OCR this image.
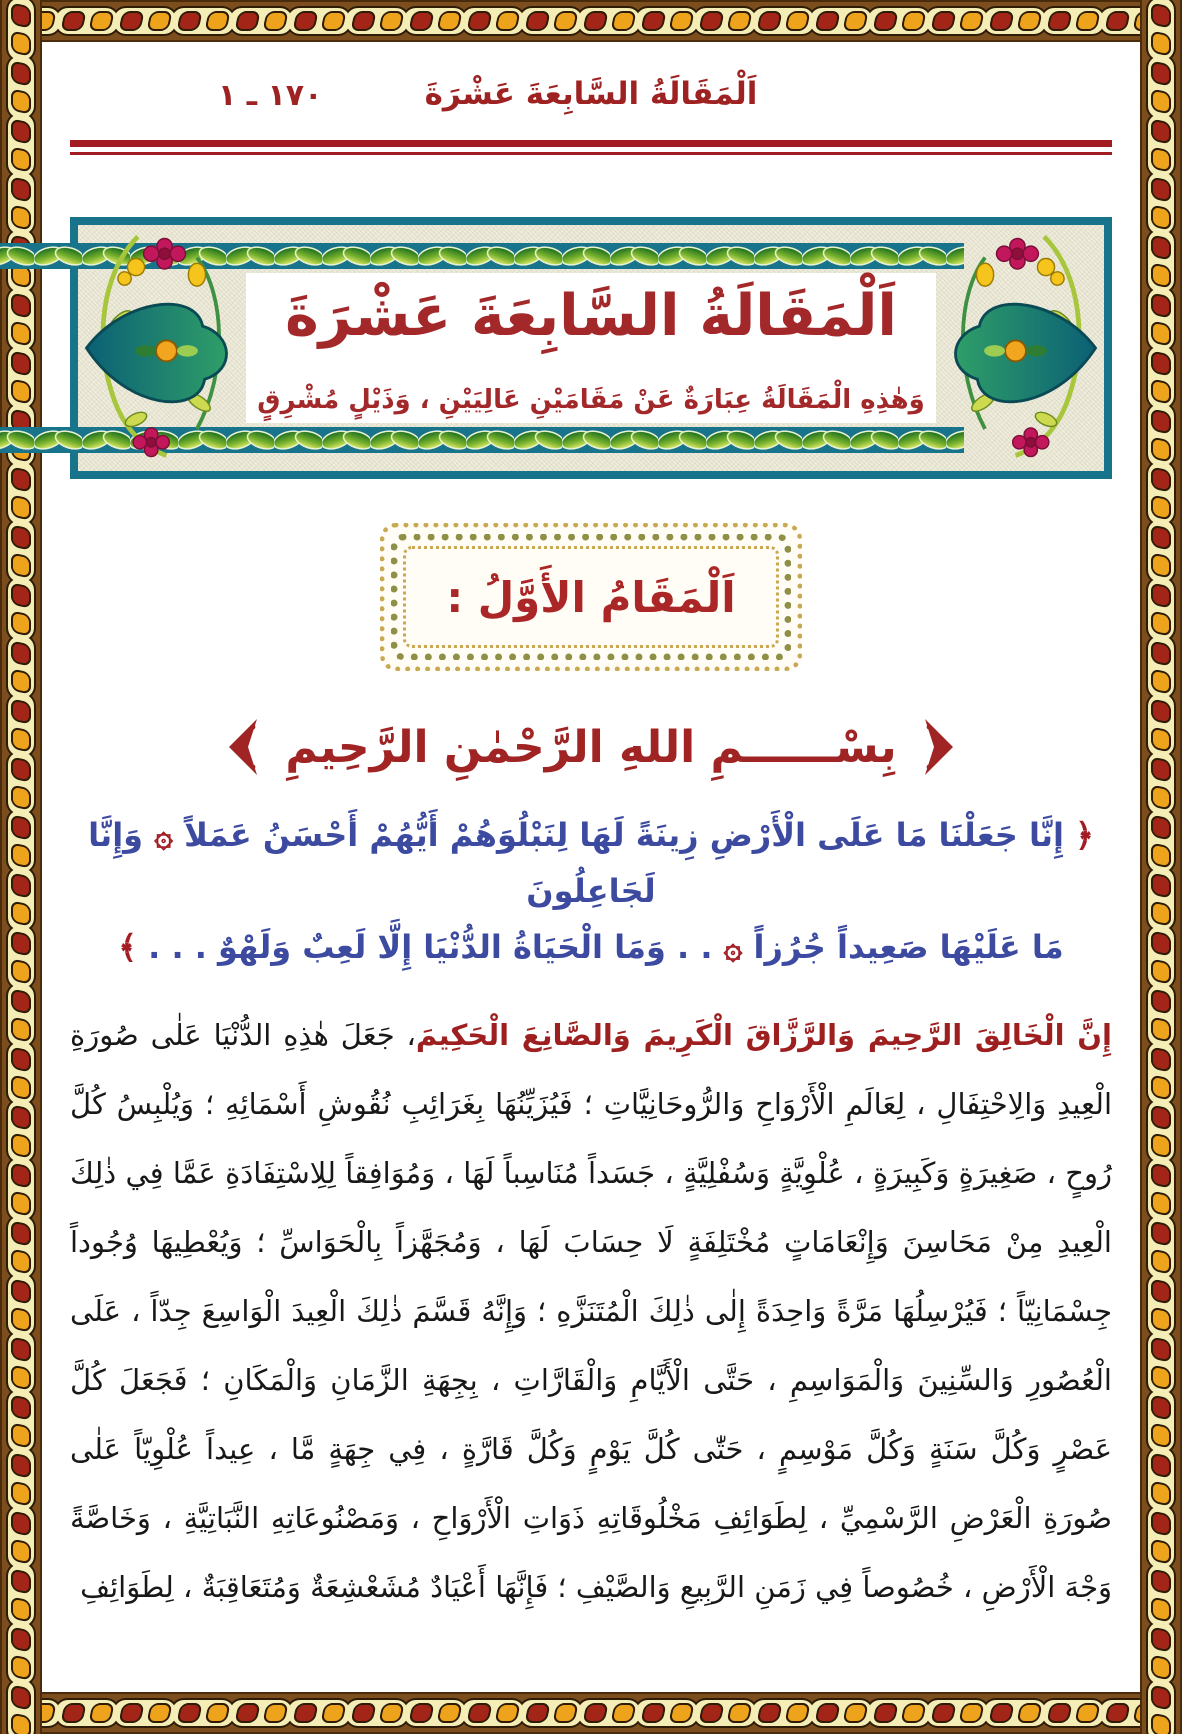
اَلْمَقَالَةُ السَّابِعَةَ عَشْرَةَ
١٧٠ ـ ١
اَلْمَقَالَةُ السَّابِعَةَ عَشْرَةَ
وَهٰذِهِ الْمَقَالَةُ عِبَارَةٌ عَنْ مَقَامَيْنِ عَالِيَيْنِ ، وَذَيْلٍ مُشْرِقٍ
اَلْمَقَامُ الأَوَّلُ :
بِسْــــــمِ اللهِ الرَّحْمٰنِ الرَّحِيمِ
﴿ إِنَّا جَعَلْنَا مَا عَلَى الْأَرْضِ زِينَةً لَهَا لِنَبْلُوَهُمْ أَيُّهُمْ أَحْسَنُ عَمَلاً ۞ وَإِنَّا لَجَاعِلُونَ
مَا عَلَيْهَا صَعِيداً جُرُزاً ۞ . . وَمَا الْحَيَاةُ الدُّنْيَا إِلَّا لَعِبٌ وَلَهْوٌ . . . ﴾

إِنَّ الْخَالِقَ الرَّحِيمَ وَالرَّزَّاقَ الْكَرِيمَ وَالصَّانِعَ الْحَكِيمَ، جَعَلَ هٰذِهِ الدُّنْيَا عَلٰى صُورَةِ الْعِيدِ وَالِاحْتِفَالِ ، لِعَالَمِ الْأَرْوَاحِ وَالرُّوحَانِيَّاتِ ؛ فَيُزَيِّنُهَا بِغَرَائِبِ نُقُوشِ أَسْمَائِهِ ؛ وَيُلْبِسُ كُلَّ رُوحٍ ، صَغِيرَةٍ وَكَبِيرَةٍ ، عُلْوِيَّةٍ وَسُفْلِيَّةٍ ، جَسَداً مُنَاسِباً لَهَا ، وَمُوَافِقاً لِلِاسْتِفَادَةِ عَمَّا فِي ذٰلِكَ الْعِيدِ مِنْ مَحَاسِنَ وَإِنْعَامَاتٍ مُخْتَلِفَةٍ لَا حِسَابَ لَهَا ، وَمُجَهَّزاً بِالْحَوَاسِّ ؛ وَيُعْطِيهَا وُجُوداً جِسْمَانِيّاً ؛ فَيُرْسِلُهَا مَرَّةً وَاحِدَةً إِلٰى ذٰلِكَ الْمُتَنَزَّهِ ؛ وَإِنَّهُ قَسَّمَ ذٰلِكَ الْعِيدَ الْوَاسِعَ جِدّاً ، عَلَى الْعُصُورِ وَالسِّنِينَ وَالْمَوَاسِمِ ، حَتَّى الْأَيَّامِ وَالْقَارَّاتِ ، بِجِهَةِ الزَّمَانِ وَالْمَكَانِ ؛ فَجَعَلَ كُلَّ عَصْرٍ وَكُلَّ سَنَةٍ وَكُلَّ مَوْسِمٍ ، حَتّٰى كُلَّ يَوْمٍ وَكُلَّ قَارَّةٍ ، فِي جِهَةٍ مَّا ، عِيداً عُلْوِيّاً عَلٰى صُورَةِ الْعَرْضِ الرَّسْمِيِّ ، لِطَوَائِفِ مَخْلُوقَاتِهِ ذَوَاتِ الْأَرْوَاحِ ، وَمَصْنُوعَاتِهِ النَّبَاتِيَّةِ ، وَخَاصَّةً وَجْهَ الْأَرْضِ ، خُصُوصاً فِي زَمَنِ الرَّبِيعِ وَالصَّيْفِ ؛ فَإِنَّهَا أَعْيَادٌ مُشَعْشِعَةٌ وَمُتَعَاقِبَةٌ ، لِطَوَائِفِ
